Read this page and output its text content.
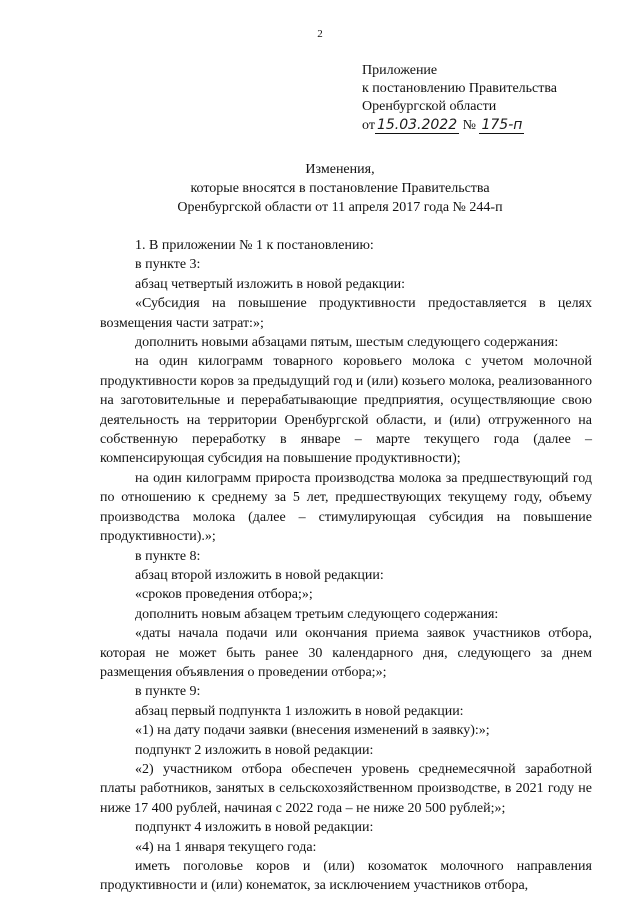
2
Приложение
к постановлению Правительства
Оренбургской области
от 15.03.2022 № 175-п
Изменения,
которые вносятся в постановление Правительства
Оренбургской области от 11 апреля 2017 года № 244-п

1. В приложении № 1 к постановлению:

в пункте 3:

абзац четвертый изложить в новой редакции:

«Субсидия на повышение продуктивности предоставляется в целях возмещения части затрат:»;

дополнить новыми абзацами пятым, шестым следующего содержания:

на один килограмм товарного коровьего молока с учетом молочной продуктивности коров за предыдущий год и (или) козьего молока, реализованного на заготовительные и перерабатывающие предприятия, осуществляющие свою деятельность на территории Оренбургской области, и (или) отгруженного на собственную переработку в январе – марте текущего года (далее – компенсирующая субсидия на повышение продуктивности);

на один килограмм прироста производства молока за предшествующий год по отношению к среднему за 5 лет, предшествующих текущему году, объему производства молока (далее – стимулирующая субсидия на повышение продуктивности).»;

в пункте 8:

абзац второй изложить в новой редакции:

«сроков проведения отбора;»;

дополнить новым абзацем третьим следующего содержания:

«даты начала подачи или окончания приема заявок участников отбора, которая не может быть ранее 30 календарного дня, следующего за днем размещения объявления о проведении отбора;»;

в пункте 9:

абзац первый подпункта 1 изложить в новой редакции:

«1) на дату подачи заявки (внесения изменений в заявку):»;

подпункт 2 изложить в новой редакции:

«2) участником отбора обеспечен уровень среднемесячной заработной платы работников, занятых в сельскохозяйственном производстве, в 2021 году не ниже 17 400 рублей, начиная с 2022 года – не ниже 20 500 рублей;»;

подпункт 4 изложить в новой редакции:

«4) на 1 января текущего года:

иметь поголовье коров и (или) козоматок молочного направления продуктивности и (или) конематок, за исключением участников отбора,
